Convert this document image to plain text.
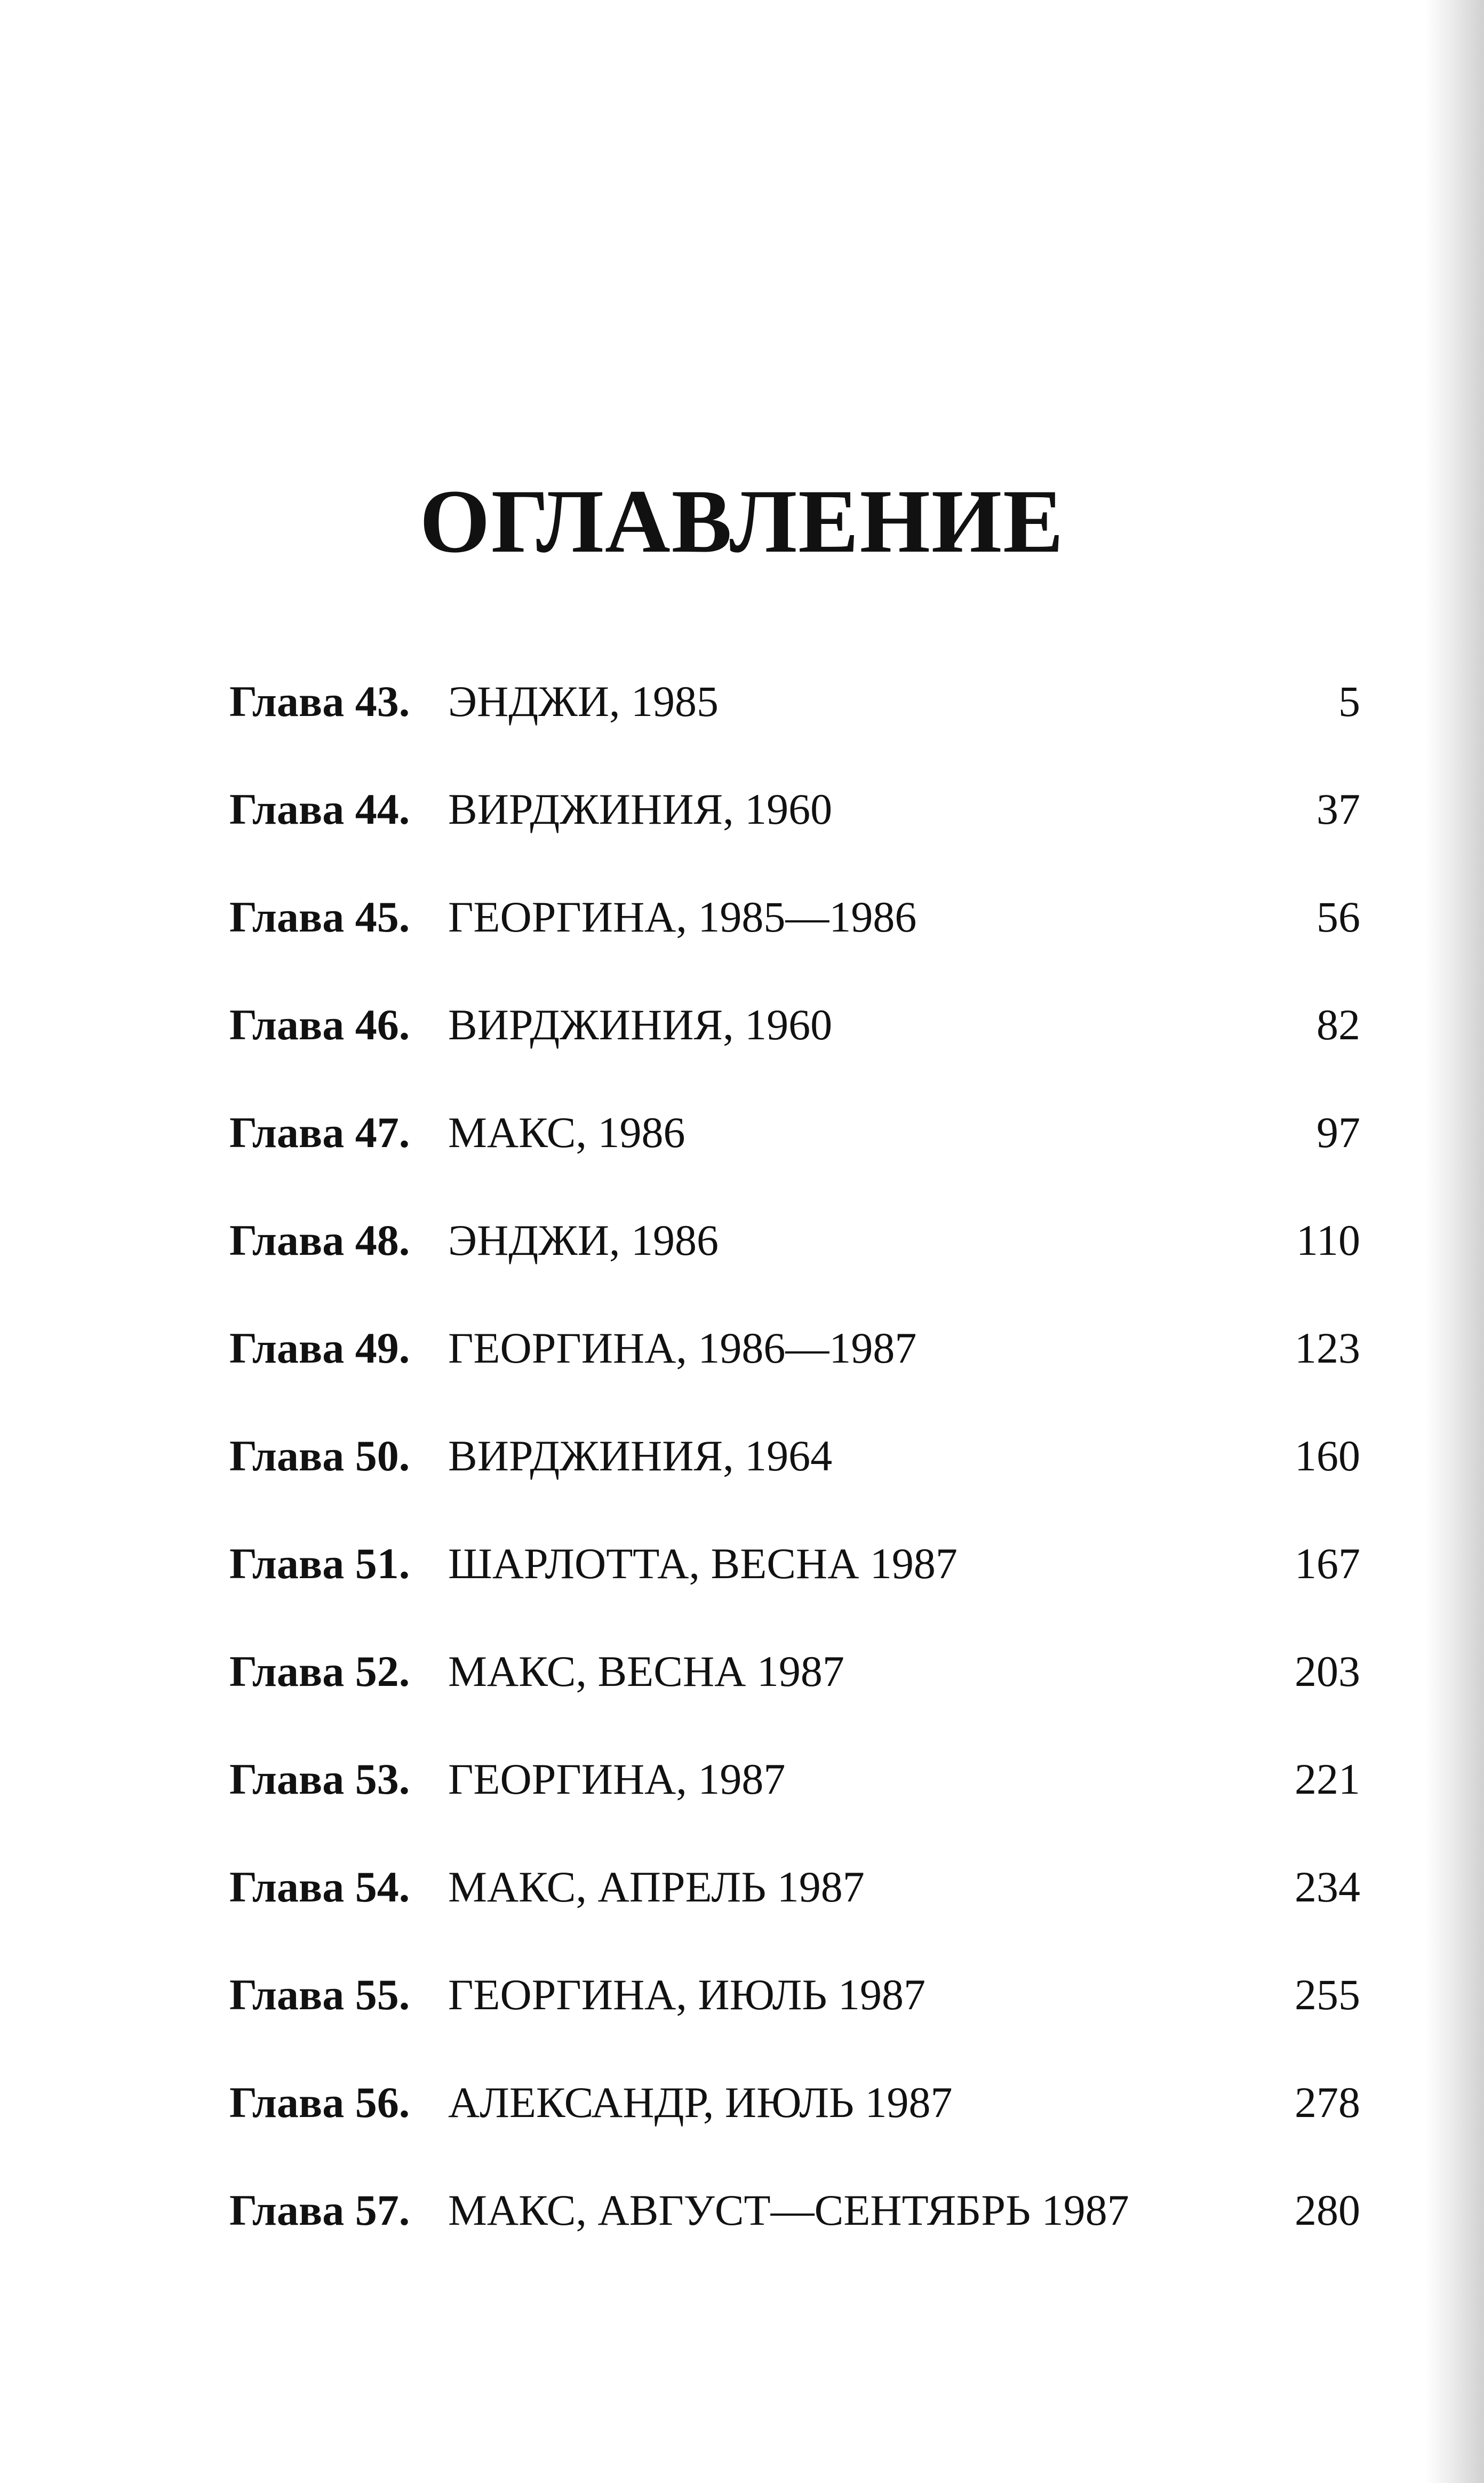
ОГЛАВЛЕНИЕ
Глава 43. ЭНДЖИ, 1985	5
Глава 44. ВИРДЖИНИЯ, 1960	37
Глава 45. ГЕОРГИНА, 1985—1986	56
Глава 46. ВИРДЖИНИЯ, 1960	82
Глава 47. МАКС, 1986	97
Глава 48. ЭНДЖИ, 1986	110
Глава 49. ГЕОРГИНА, 1986—1987	123
Глава 50. ВИРДЖИНИЯ, 1964	160
Глава 51. ШАРЛОТТА, ВЕСНА 1987	167
Глава 52. МАКС, ВЕСНА 1987	203
Глава 53. ГЕОРГИНА, 1987	221
Глава 54. МАКС, АПРЕЛЬ 1987	234
Глава 55. ГЕОРГИНА, ИЮЛЬ 1987	255
Глава 56. АЛЕКСАНДР, ИЮЛЬ 1987	278
Глава 57. МАКС, АВГУСТ—СЕНТЯБРЬ 1987	280
